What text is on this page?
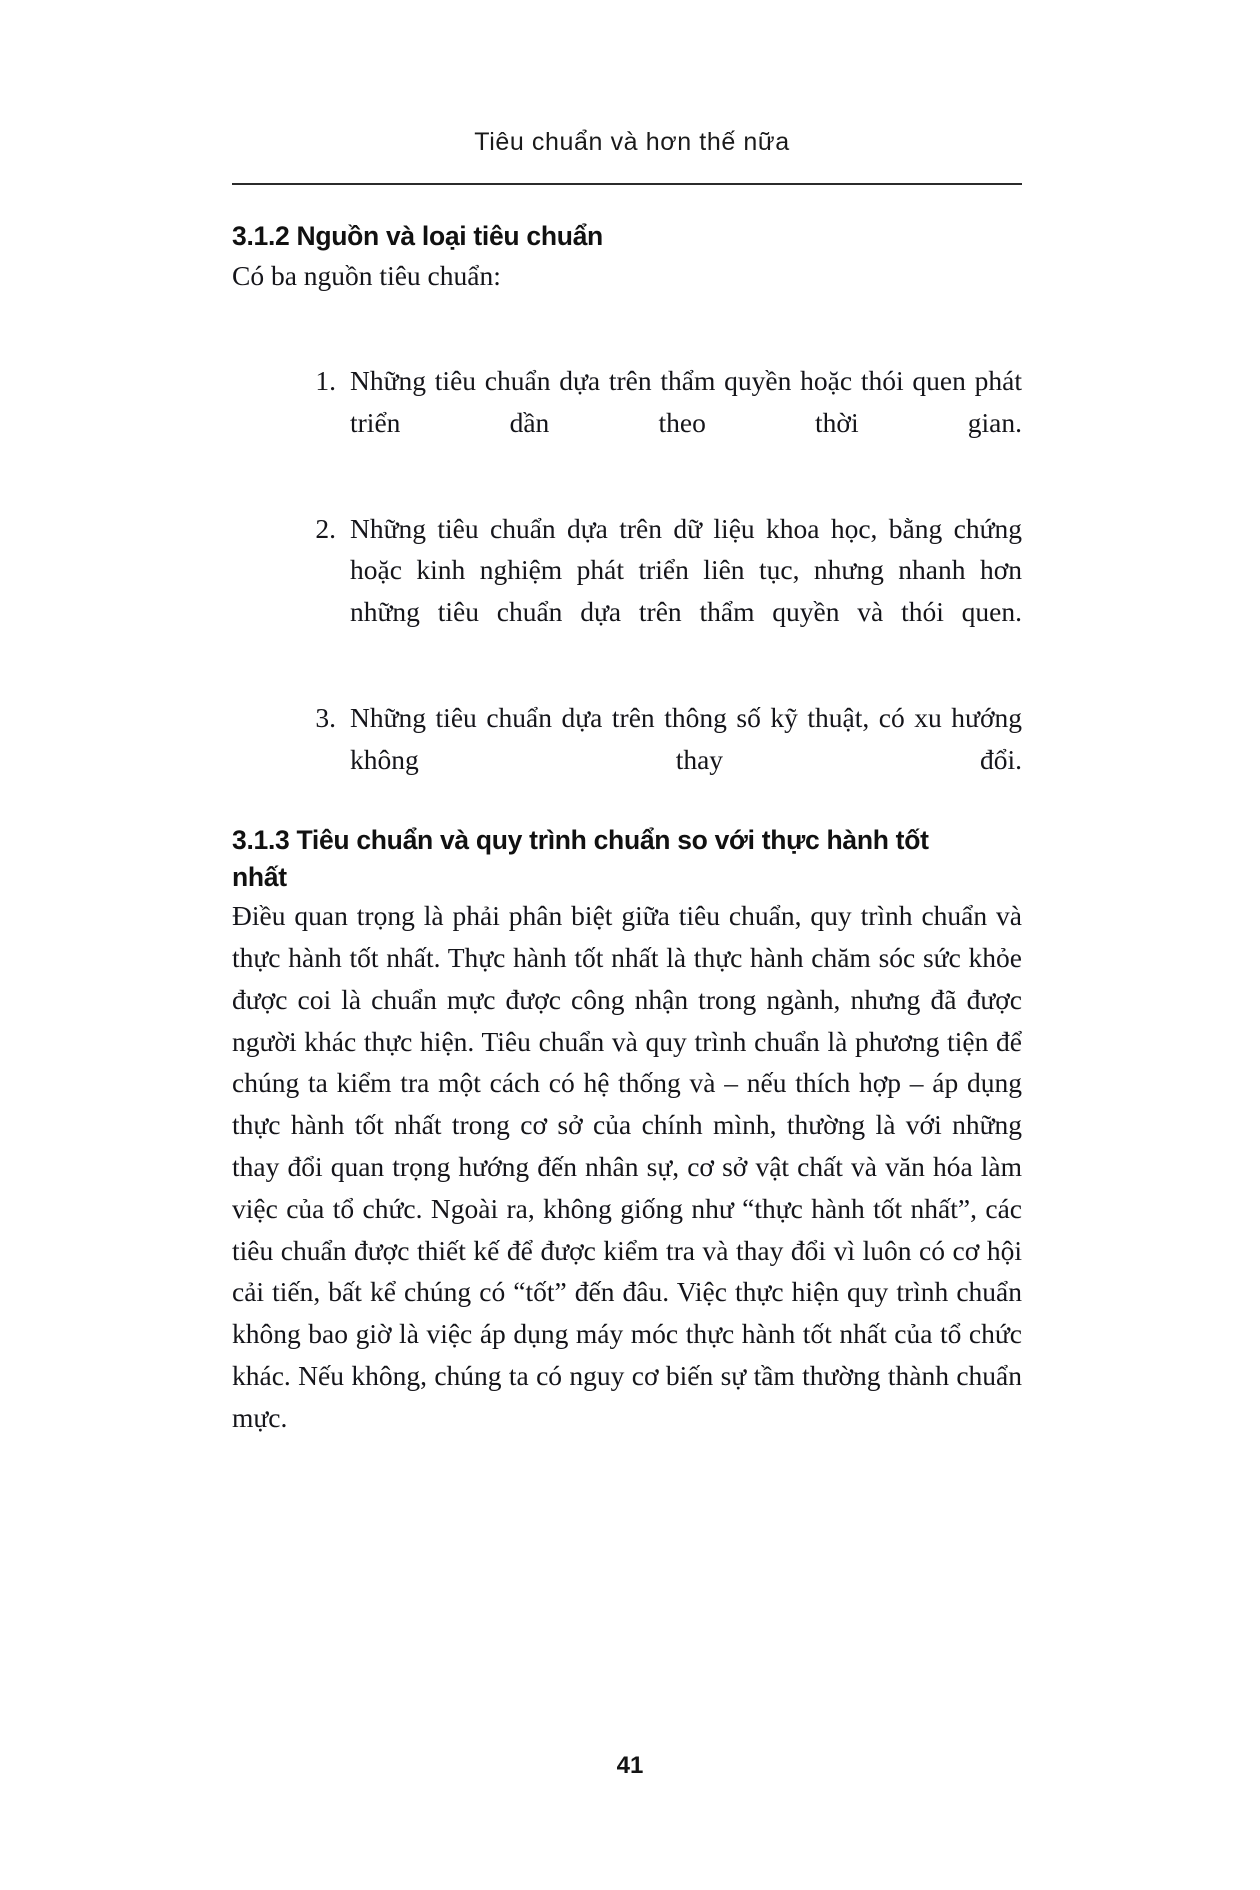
Tiêu chuẩn và hơn thế nữa
3.1.2 Nguồn và loại tiêu chuẩn

Có ba nguồn tiêu chuẩn:

1. Những tiêu chuẩn dựa trên thẩm quyền hoặc thói quen phát triển dần theo thời gian.
2. Những tiêu chuẩn dựa trên dữ liệu khoa học, bằng chứng hoặc kinh nghiệm phát triển liên tục, nhưng nhanh hơn những tiêu chuẩn dựa trên thẩm quyền và thói quen.
3. Những tiêu chuẩn dựa trên thông số kỹ thuật, có xu hướng không thay đổi.
3.1.3 Tiêu chuẩn và quy trình chuẩn so với thực hành tốt nhất

Điều quan trọng là phải phân biệt giữa tiêu chuẩn, quy trình chuẩn và thực hành tốt nhất. Thực hành tốt nhất là thực hành chăm sóc sức khỏe được coi là chuẩn mực được công nhận trong ngành, nhưng đã được người khác thực hiện. Tiêu chuẩn và quy trình chuẩn là phương tiện để chúng ta kiểm tra một cách có hệ thống và – nếu thích hợp – áp dụng thực hành tốt nhất trong cơ sở của chính mình, thường là với những thay đổi quan trọng hướng đến nhân sự, cơ sở vật chất và văn hóa làm việc của tổ chức. Ngoài ra, không giống như “thực hành tốt nhất”, các tiêu chuẩn được thiết kế để được kiểm tra và thay đổi vì luôn có cơ hội cải tiến, bất kể chúng có “tốt” đến đâu. Việc thực hiện quy trình chuẩn không bao giờ là việc áp dụng máy móc thực hành tốt nhất của tổ chức khác. Nếu không, chúng ta có nguy cơ biến sự tầm thường thành chuẩn mực.

41
